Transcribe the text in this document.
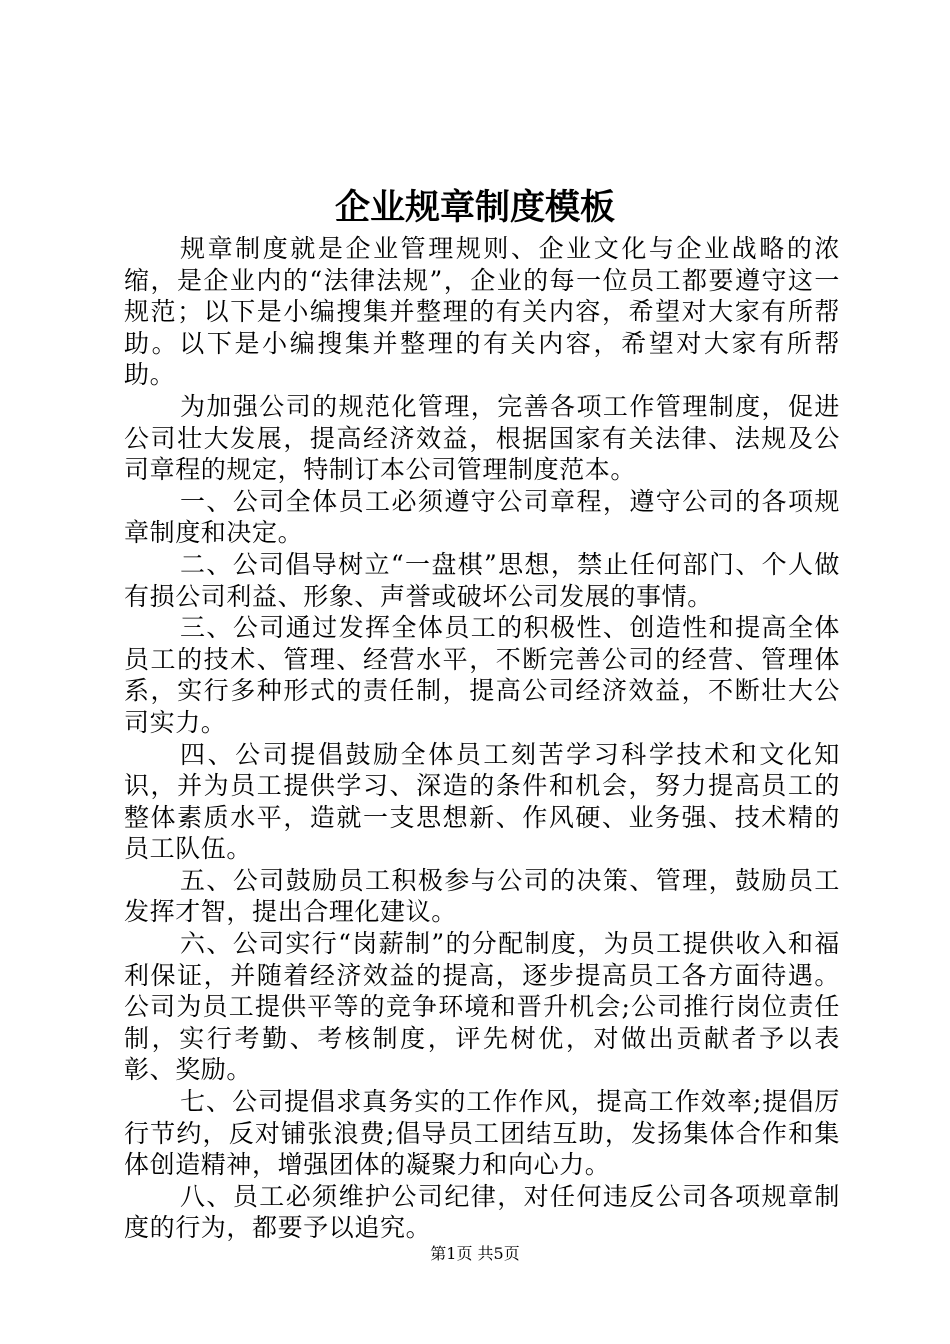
企业规章制度模板

规章制度就是企业管理规则、企业文化与企业战略的浓缩，是企业内的“法律法规”，企业的每一位员工都要遵守这一规范；以下是小编搜集并整理的有关内容，希望对大家有所帮助。以下是小编搜集并整理的有关内容，希望对大家有所帮助。

为加强公司的规范化管理，完善各项工作管理制度，促进公司壮大发展，提高经济效益，根据国家有关法律、法规及公司章程的规定，特制订本公司管理制度范本。

一、公司全体员工必须遵守公司章程，遵守公司的各项规章制度和决定。

二、公司倡导树立“一盘棋”思想，禁止任何部门、个人做有损公司利益、形象、声誉或破坏公司发展的事情。

三、公司通过发挥全体员工的积极性、创造性和提高全体员工的技术、管理、经营水平，不断完善公司的经营、管理体系，实行多种形式的责任制，提高公司经济效益，不断壮大公司实力。

四、公司提倡鼓励全体员工刻苦学习科学技术和文化知识，并为员工提供学习、深造的条件和机会，努力提高员工的整体素质水平，造就一支思想新、作风硬、业务强、技术精的员工队伍。

五、公司鼓励员工积极参与公司的决策、管理，鼓励员工发挥才智，提出合理化建议。

六、公司实行“岗薪制”的分配制度，为员工提供收入和福利保证，并随着经济效益的提高，逐步提高员工各方面待遇。公司为员工提供平等的竞争环境和晋升机会;公司推行岗位责任制，实行考勤、考核制度，评先树优，对做出贡献者予以表彰、奖励。

七、公司提倡求真务实的工作作风，提高工作效率;提倡厉行节约，反对铺张浪费;倡导员工团结互助，发扬集体合作和集体创造精神，增强团体的凝聚力和向心力。

八、员工必须维护公司纪律，对任何违反公司各项规章制度的行为，都要予以追究。

第1页 共5页
